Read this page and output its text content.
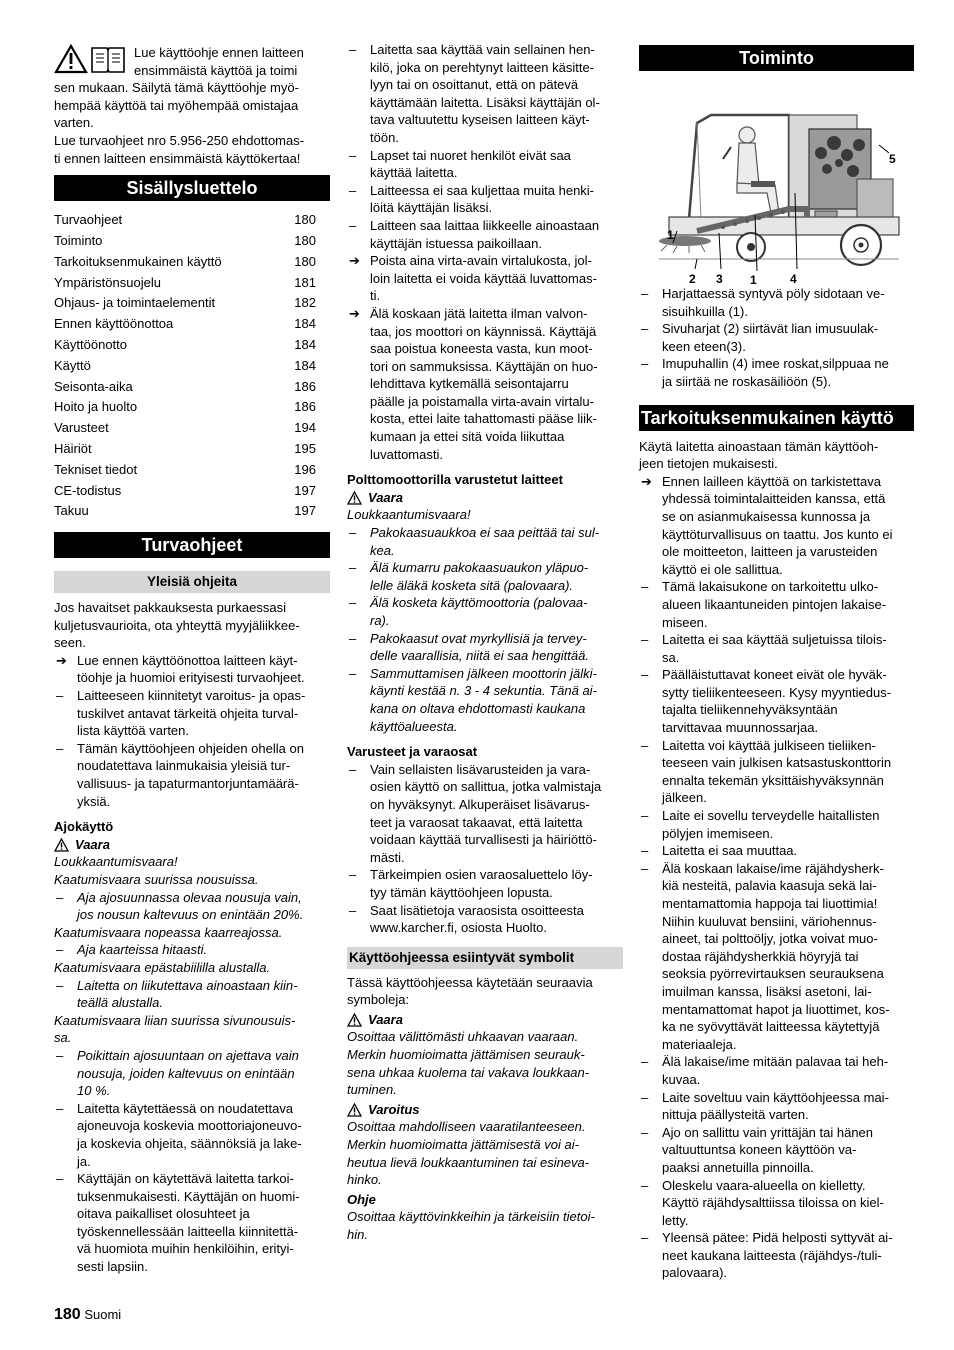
Lue käyttöohje ennen laitteen

ensimmäistä käyttöä ja toimi

sen mukaan. Säilytä tämä käyttöohje myö-

hempää käyttöä tai myöhempää omistajaa

varten.

Lue turvaohjeet nro 5.956-250 ehdottomas-

ti ennen laitteen ensimmäistä käyttökertaa!

Sisällysluettelo
Turvaohjeet	180
Toiminto	180
Tarkoituksenmukainen käyttö	180
Ympäristönsuojelu	181
Ohjaus- ja toimintaelementit	182
Ennen käyttöönottoa	184
Käyttöönotto	184
Käyttö	184
Seisonta-aika	186
Hoito ja huolto	186
Varusteet	194
Häiriöt	195
Tekniset tiedot	196
CE-todistus	197
Takuu	197
Turvaohjeet
Yleisiä ohjeita

Jos havaitset pakkauksesta purkaessasi

kuljetusvaurioita, ota yhteyttä myyjäliikkee-

seen.

➔ Lue ennen käyttöönottoa laitteen käyt-
töohje ja huomioi erityisesti turvaohjeet.
– Laitteeseen kiinnitetyt varoitus- ja opas-
tuskilvet antavat tärkeitä ohjeita turval-
lista käyttöä varten.
– Tämän käyttöohjeen ohjeiden ohella on
noudatettava lainmukaisia yleisiä tur-
vallisuus- ja tapaturmantorjuntamäärä-
yksiä.

Ajokäyttö

Vaara

Loukkaantumisvaara!

Kaatumisvaara suurissa nousuissa.

– Aja ajosuunnassa olevaa nousuja vain,
jos nousun kaltevuus on enintään 20%.

Kaatumisvaara nopeassa kaarreajossa.

– Aja kaarteissa hitaasti.

Kaatumisvaara epästabiililla alustalla.

– Laitetta on liikutettava ainoastaan kiin-
teällä alustalla.
Kaatumisvaara liian suurissa sivunousuis-
sa.
– Poikittain ajosuuntaan on ajettava vain
nousuja, joiden kaltevuus on enintään
10 %.
– Laitetta käytettäessä on noudatettava
ajoneuvoja koskevia moottoriajoneuvo-
ja koskevia ohjeita, säännöksiä ja lake-
ja.
– Käyttäjän on käytettävä laitetta tarkoi-
tuksenmukaisesti. Käyttäjän on huomi-
oitava paikalliset olosuhteet ja
työskennellessään laitteella kiinnitettä-
vä huomiota muihin henkilöihin, erityi-
sesti lapsiin.
– Laitetta saa käyttää vain sellainen hen-
kilö, joka on perehtynyt laitteen käsitte-
lyyn tai on osoittanut, että on pätevä
käyttämään laitetta. Lisäksi käyttäjän ol-
tava valtuutettu kyseisen laitteen käyt-
töön.
– Lapset tai nuoret henkilöt eivät saa
käyttää laitetta.
– Laitteessa ei saa kuljettaa muita henki-
löitä käyttäjän lisäksi.
– Laitteen saa laittaa liikkeelle ainoastaan
käyttäjän istuessa paikoillaan.
➔ Poista aina virta-avain virtalukosta, jol-
loin laitetta ei voida käyttää luvattomas-
ti.
➔ Älä koskaan jätä laitetta ilman valvon-
taa, jos moottori on käynnissä. Käyttäjä
saa poistua koneesta vasta, kun moot-
tori on sammuksissa. Käyttäjän on huo-
lehdittava kytkemällä seisontajarru
päälle ja poistamalla virta-avain virtalu-
kosta, ettei laite tahattomasti pääse liik-
kumaan ja ettei sitä voida liikuttaa
luvattomasti.

Polttomoottorilla varustetut laitteet

Vaara

Loukkaantumisvaara!

– Pakokaasuaukkoa ei saa peittää tai sul-
kea.
– Älä kumarru pakokaasuaukon yläpuo-
lelle äläkä kosketa sitä (palovaara).
– Älä kosketa käyttömoottoria (palovaa-
ra).
– Pakokaasut ovat myrkyllisiä ja tervey-
delle vaarallisia, niitä ei saa hengittää.
– Sammuttamisen jälkeen moottorin jälki-
käynti kestää n. 3 - 4 sekuntia. Tänä ai-
kana on oltava ehdottomasti kaukana
käyttöalueesta.

Varusteet ja varaosat

– Vain sellaisten lisävarusteiden ja vara-
osien käyttö on sallittua, jotka valmistaja
on hyväksynyt. Alkuperäiset lisävarus-
teet ja varaosat takaavat, että laitetta
voidaan käyttää turvallisesti ja häiriöttö-
mästi.
– Tärkeimpien osien varaosaluettelo löy-
tyy tämän käyttöohjeen lopusta.
– Saat lisätietoja varaosista osoitteesta
www.karcher.fi, osiosta Huolto.
Käyttöohjeessa esiintyvät symbolit
Tässä käyttöohjeessa käytetään seuraavia
symboleja:
Vaara
Osoittaa välittömästi uhkaavan vaaraan.
Merkin huomioimatta jättämisen seurauk-
sena uhkaa kuolema tai vakava loukkaan-
tuminen.
Varoitus
Osoittaa mahdolliseen vaaratilanteeseen.
Merkin huomioimatta jättämisestä voi ai-
heutua lievä loukkaantuminen tai esineva-
hinko.

Ohje

Osoittaa käyttövinkkeihin ja tärkeisiin tietoi-
hin.
Toiminto
1
2 3 1	4
5
– Harjattaessä syntyvä pöly sidotaan ve-
sisuihkuilla (1).
– Sivuharjat (2) siirtävät lian imusuulak-
keen eteen(3).
– Imupuhallin (4) imee roskat,silppuaa ne
ja siirtää ne roskasäiliöön (5).
Tarkoituksenmukainen käyttö
Käytä laitetta ainoastaan tämän käyttöoh-
jeen tietojen mukaisesti.
➔ Ennen lailleen käyttöä on tarkistettava
yhdessä toimintalaitteiden kanssa, että
se on asianmukaisessa kunnossa ja
käyttöturvallisuus on taattu. Jos kunto ei
ole moitteeton, laitteen ja varusteiden
käyttö ei ole sallittua.
– Tämä lakaisukone on tarkoitettu ulko-
alueen likaantuneiden pintojen lakaise-
miseen.
– Laitetta ei saa käyttää suljetuissa tilois-
sa.
– Päälläistuttavat koneet eivät ole hyväk-
sytty tieliikenteeseen. Kysy myyntiedus-
tajalta tieliikennehyväksyntään
tarvittavaa muunnossarjaa.
– Laitetta voi käyttää julkiseen tieliiken-
teeseen vain julkisen katsastuskonttorin
ennalta tekemän yksittäishyväksynnän
jälkeen.
– Laite ei sovellu terveydelle haitallisten
pölyjen imemiseen.
– Laitetta ei saa muuttaa.
– Älä koskaan lakaise/ime räjähdysherk-
kiä nesteitä, palavia kaasuja sekä lai-
mentamattomia happoja tai liuottimia!
Niihin kuuluvat bensiini, väriohennus-
aineet, tai polttoöljy, jotka voivat muo-
dostaa räjähdysherkkiä höyryjä tai
seoksia pyörrevirtauksen seurauksena
imuilman kanssa, lisäksi asetoni, lai-
mentamattomat hapot ja liuottimet, kos-
ka ne syövyttävät laitteessa käytettyjä
materiaaleja.
– Älä lakaise/ime mitään palavaa tai heh-
kuvaa.
– Laite soveltuu vain käyttöohjeessa mai-
nittuja päällysteitä varten.
– Ajo on sallittu vain yrittäjän tai hänen
valtuuttuntsa koneen käyttöön va-
paaksi annetuilla pinnoilla.
– Oleskelu vaara-alueella on kielletty.
Käyttö räjähdysalttiissa tiloissa on kiel-
letty.
– Yleensä pätee: Pidä helposti syttyvät ai-
neet kaukana laitteesta (räjähdys-/tuli-
palovaara).
180 Suomi
